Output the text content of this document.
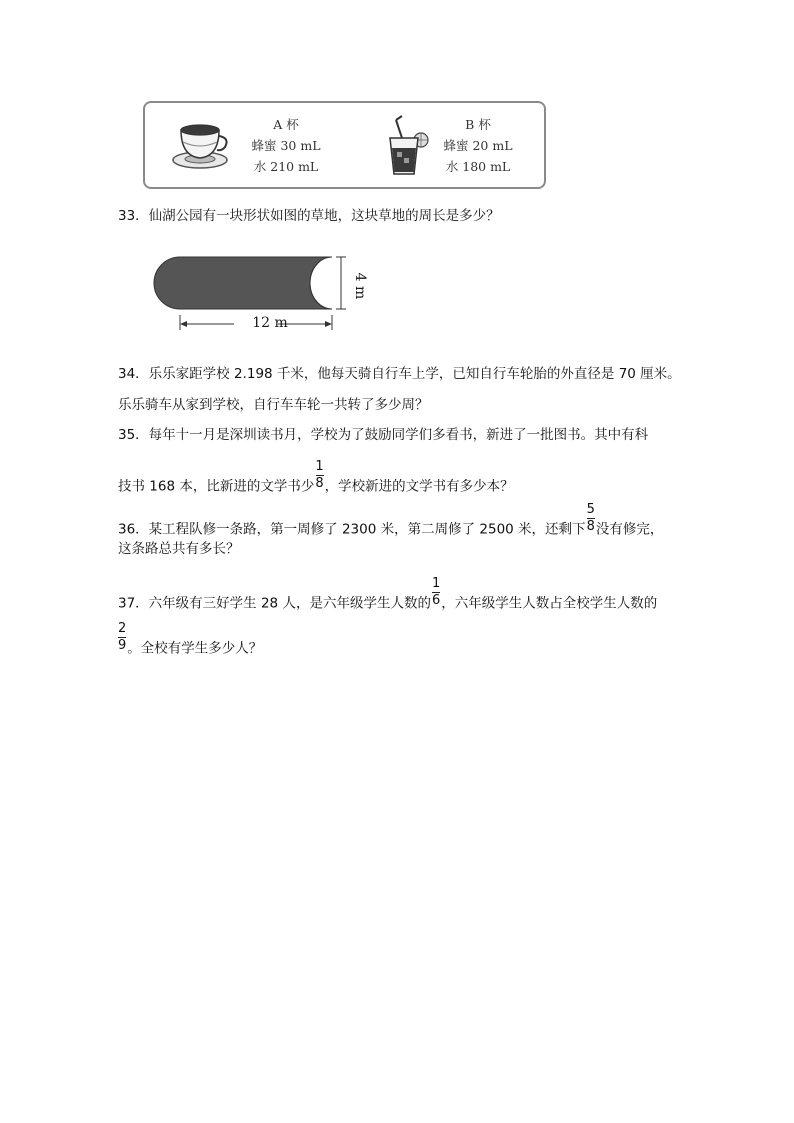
A 杯
蜂蜜 30 mL
水 210 mL
B 杯
蜂蜜 20 mL
水 180 mL
33．仙湖公园有一块形状如图的草地，这块草地的周长是多少？
12 m
4 m
34．乐乐家距学校 2.198 千米，他每天骑自行车上学，已知自行车轮胎的外直径是 70 厘米。
乐乐骑车从家到学校，自行车车轮一共转了多少周？
35．每年十一月是深圳读书月，学校为了鼓励同学们多看书，新进了一批图书。其中有科
技书 168 本，比新进的文学书少 $\frac{1}{8}$ ，学校新进的文学书有多少本？
36．某工程队修一条路，第一周修了 2300 米，第二周修了 2500 米，还剩下 $\frac{5}{8}$ 没有修完，
这条路总共有多长？
37．六年级有三好学生 28 人，是六年级学生人数的 $\frac{1}{6}$ ，六年级学生人数占全校学生人数的
$\frac{2}{9}$ 。全校有学生多少人？
